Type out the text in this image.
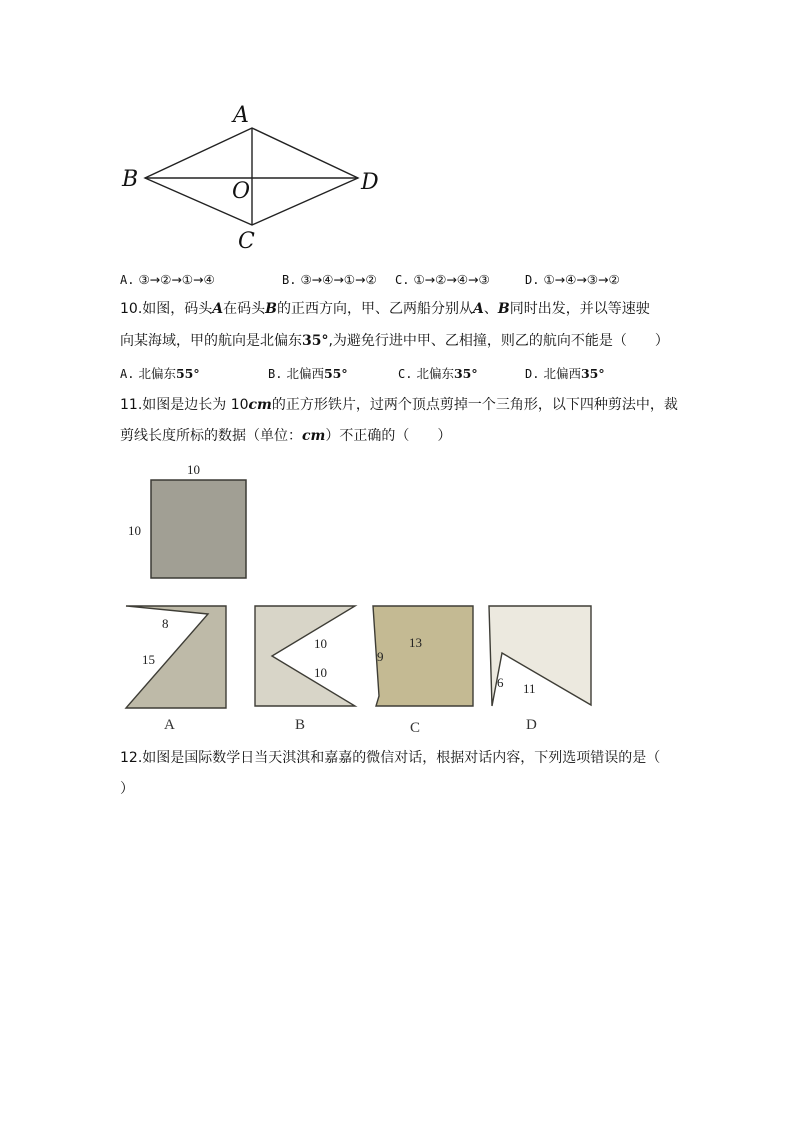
A
B	O	D
C
A. ③→②→①→④	B. ③→④→①→② C. ①→②→④→③	D. ①→④→③→②
10.如图，码头A在码头B的正西方向，甲、乙两船分别从A、B同时出发，并以等速驶
向某海域，甲的航向是北偏东35°,为避免行进中甲、乙相撞，则乙的航向不能是（　　）
A. 北偏东55°	B. 北偏西55°	C. 北偏东35°	D. 北偏西35°
11.如图是边长为 10cm的正方形铁片，过两个顶点剪掉一个三角形，以下四种剪法中，裁
剪线长度所标的数据（单位：cm）不正确的（　　）
10
10
8
15
A
10
10
B
9
13
C
6 11
D
12.如图是国际数学日当天淇淇和嘉嘉的微信对话，根据对话内容，下列选项错误的是（
）
